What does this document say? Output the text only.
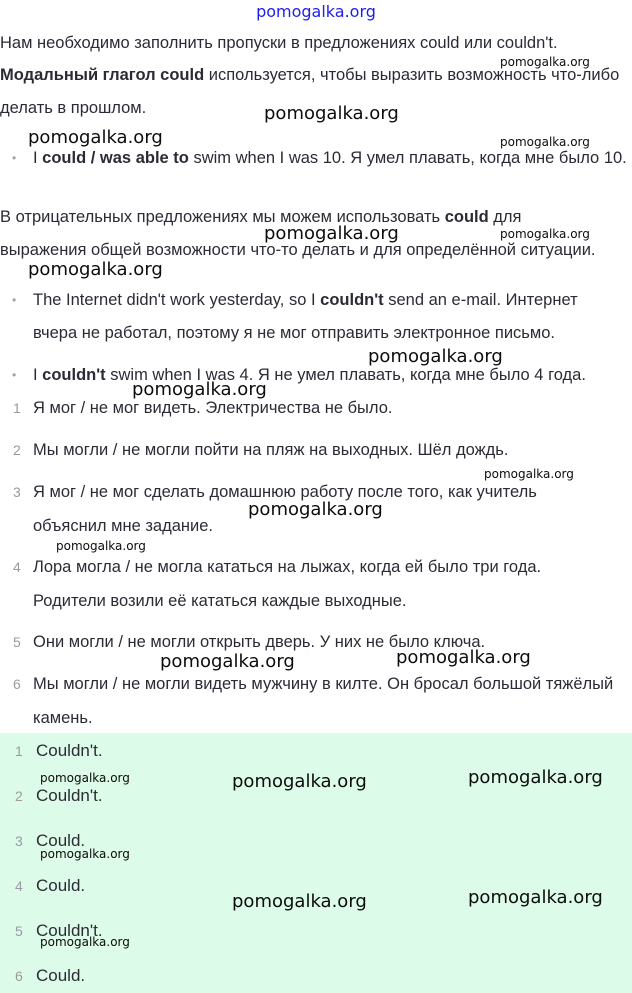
pomogalka.org

Нам необходимо заполнить пропуски в предложениях could или couldn't.

Модальный глагол could используется, чтобы выразить возможность что-либо

делать в прошлом.

• I could / was able to swim when I was 10. Я умел плавать, когда мне было 10.

В отрицательных предложениях мы можем использовать could для

выражения общей возможности что-то делать и для определённой ситуации.

• The Internet didn't work yesterday, so I couldn't send an e-mail. Интернет
вчера не работал, поэтому я не мог отправить электронное письмо.
• I couldn't swim when I was 4. Я не умел плавать, когда мне было 4 года.
1 Я мог / не мог видеть. Электричества не было.
2 Мы могли / не могли пойти на пляж на выходных. Шёл дождь.
3 Я мог / не мог сделать домашнюю работу после того, как учитель
объяснил мне задание.
4 Лора могла / не могла кататься на лыжах, когда ей было три года.
Родители возили её кататься каждые выходные.
5 Они могли / не могли открыть дверь. У них не было ключа.
6 Мы могли / не могли видеть мужчину в килте. Он бросал большой тяжёлый
камень.
1 Couldn't.
2 Couldn't.
3 Could.
4 Could.
5 Couldn't.
6 Could.
pomogalka.org
pomogalka.org
pomogalka.org	pomogalka.org
pomogalka.org	pomogalka.org
pomogalka.org
pomogalka.org
pomogalka.org
pomogalka.org
pomogalka.org
pomogalka.org
pomogalka.org	pomogalka.org
pomogalka.org	pomogalka.org	pomogalka.org
pomogalka.org
pomogalka.org	pomogalka.org
pomogalka.org
